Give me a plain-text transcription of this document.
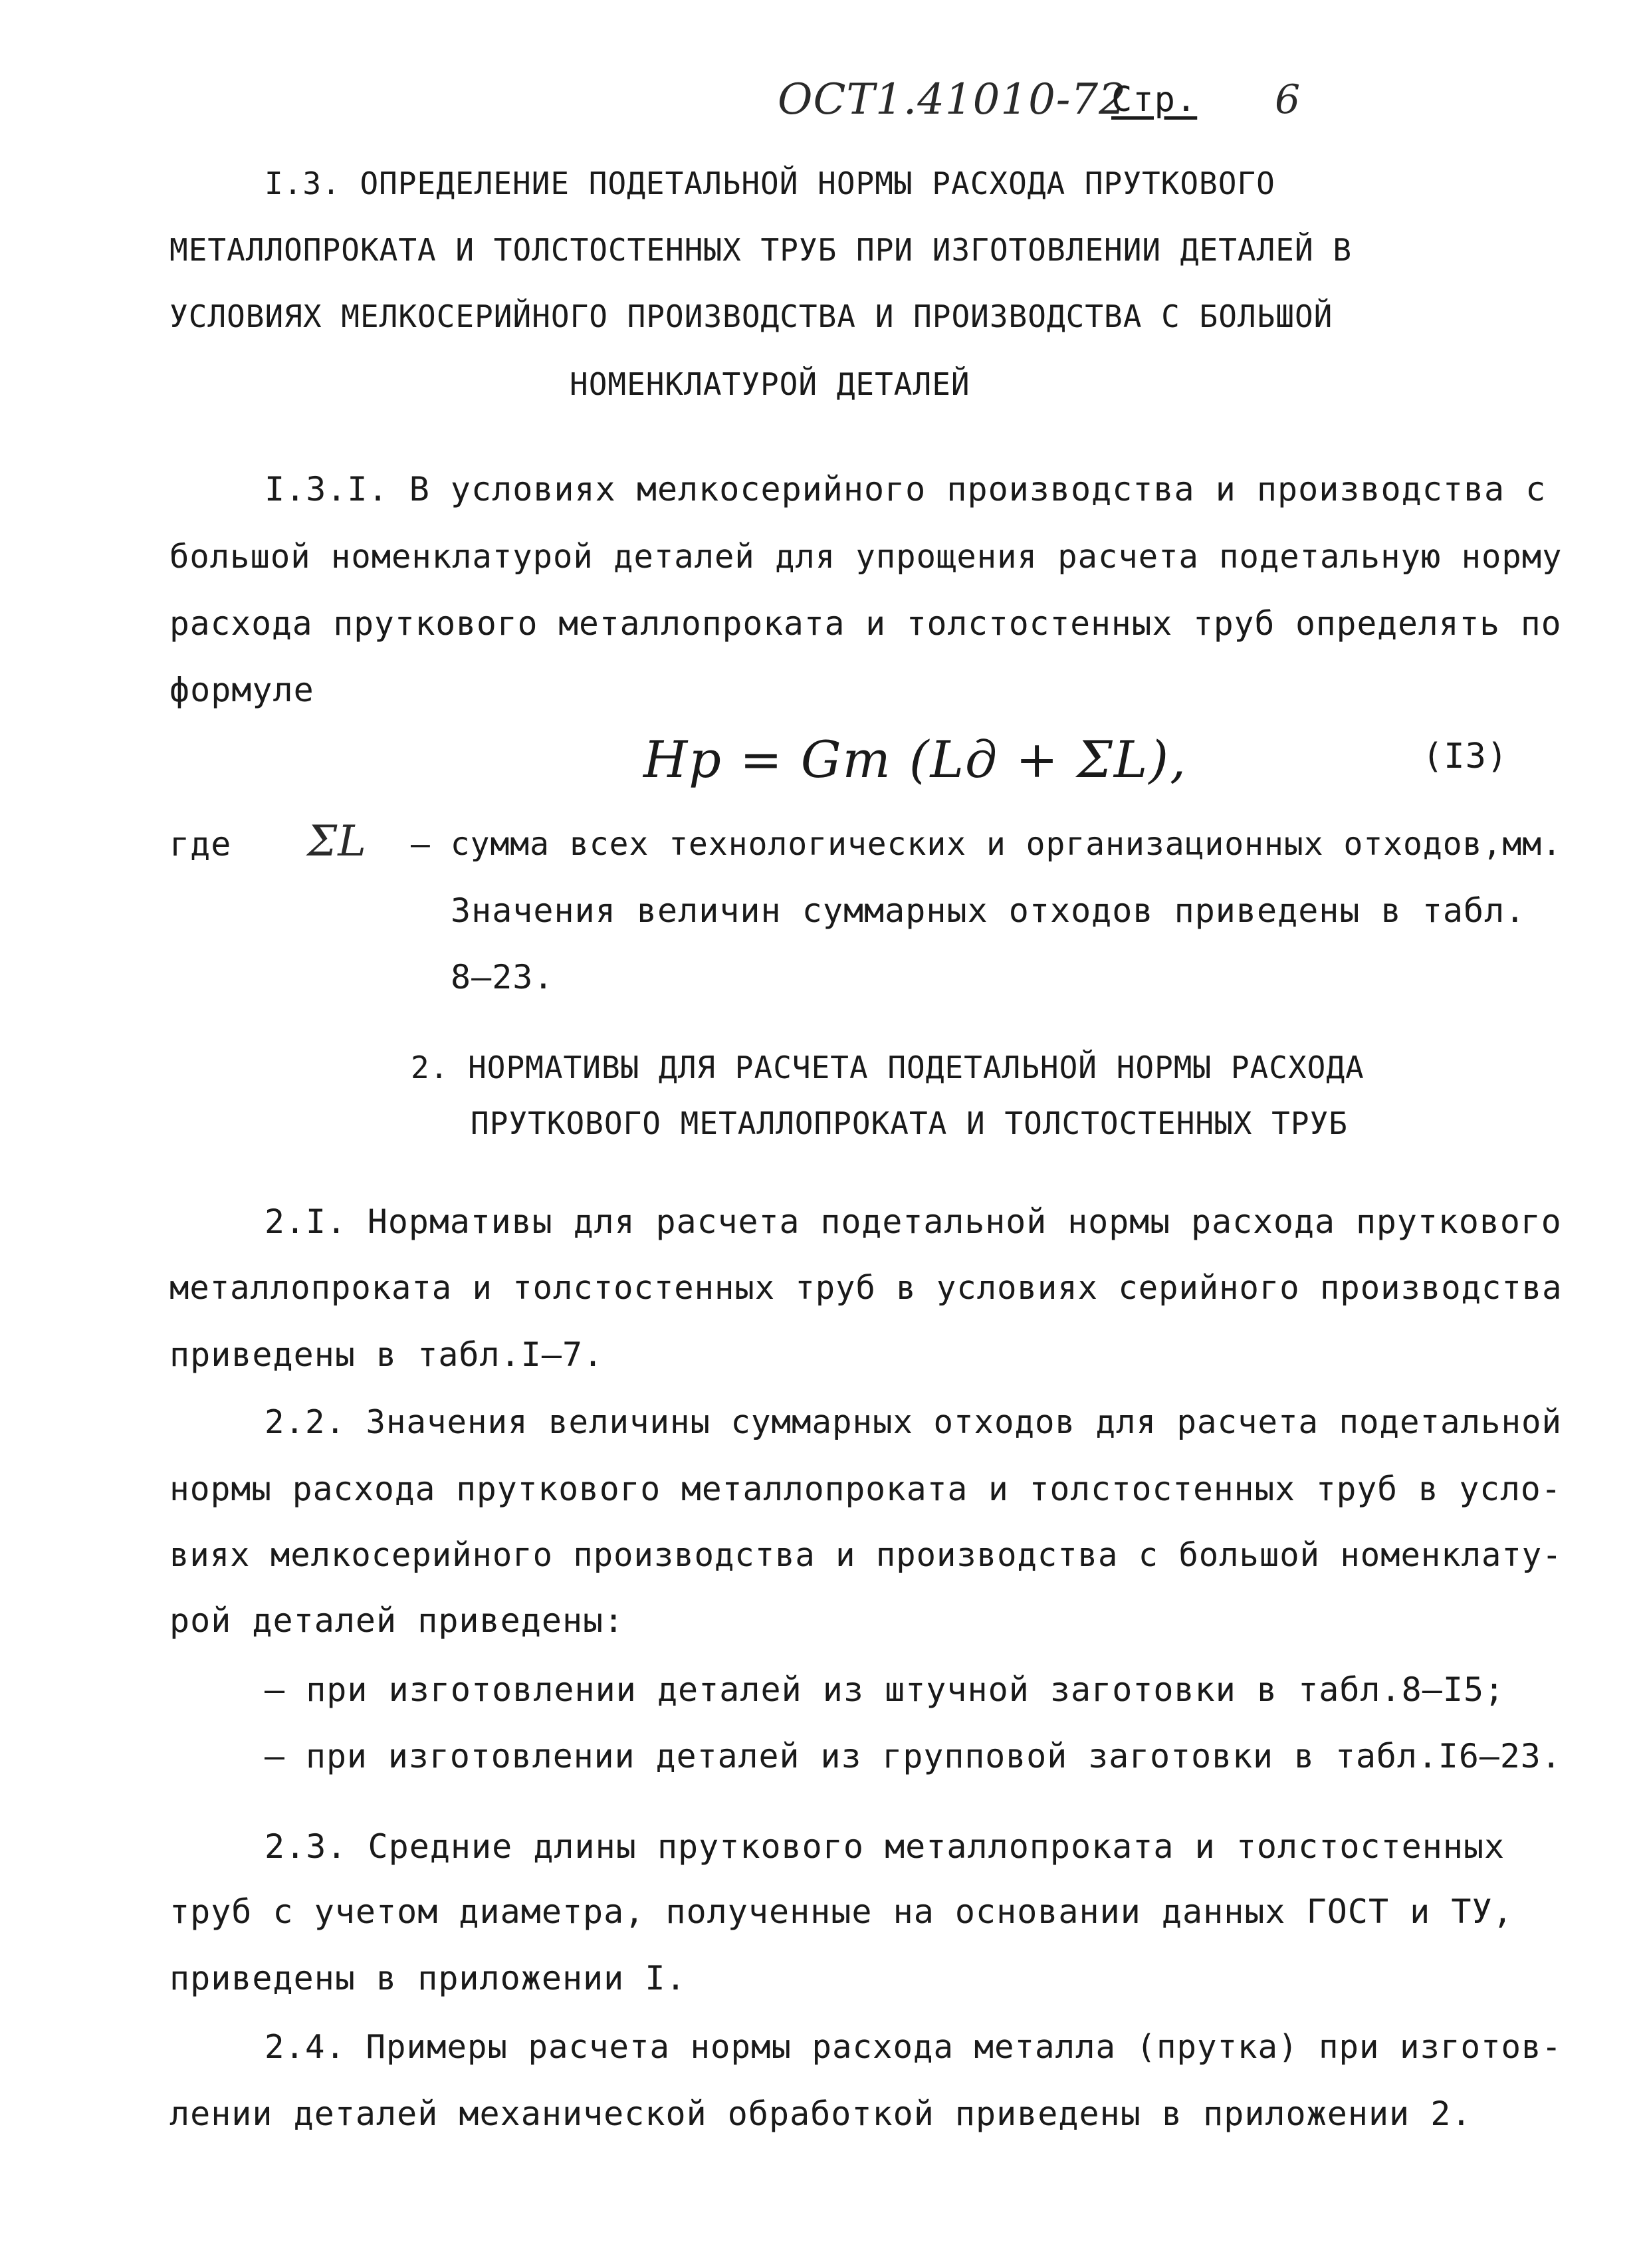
ОСТ1.41010-72
Стр. 6
I.3. ОПРЕДЕЛЕНИЕ ПОДЕТАЛЬНОЙ НОРМЫ РАСХОДА ПРУТКОВОГО
МЕТАЛЛОПРОКАТА И ТОЛСТОСТЕННЫХ ТРУБ ПРИ ИЗГОТОВЛЕНИИ ДЕТАЛЕЙ В
УСЛОВИЯХ МЕЛКОСЕРИЙНОГО ПРОИЗВОДСТВА И ПРОИЗВОДСТВА С БОЛЬШОЙ
НОМЕНКЛАТУРОЙ ДЕТАЛЕЙ
I.3.I. В условиях мелкосерийного производства и производства с
большой номенклатурой деталей для упрощения расчета подетальную норму
расхода пруткового металлопроката и толстостенных труб определять по
формуле
Hр = Gт (Lд + ΣL),	(I3)
где ΣL – сумма всех технологических и организационных отходов,мм.
Значения величин суммарных отходов приведены в табл.
8–23.
2. НОРМАТИВЫ ДЛЯ РАСЧЕТА ПОДЕТАЛЬНОЙ НОРМЫ РАСХОДА
ПРУТКОВОГО МЕТАЛЛОПРОКАТА И ТОЛСТОСТЕННЫХ ТРУБ
2.I. Нормативы для расчета подетальной нормы расхода пруткового
металлопроката и толстостенных труб в условиях серийного производства
приведены в табл.I–7.
2.2. Значения величины суммарных отходов для расчета подетальной
нормы расхода пруткового металлопроката и толстостенных труб в усло-
виях мелкосерийного производства и производства с большой номенклату-
рой деталей приведены:
– при изготовлении деталей из штучной заготовки в табл.8–I5;
– при изготовлении деталей из групповой заготовки в табл.I6–23.
2.3. Средние длины пруткового металлопроката и толстостенных
труб с учетом диаметра, полученные на основании данных ГОСТ и ТУ,
приведены в приложении I.
2.4. Примеры расчета нормы расхода металла (прутка) при изготов-
лении деталей механической обработкой приведены в приложении 2.
